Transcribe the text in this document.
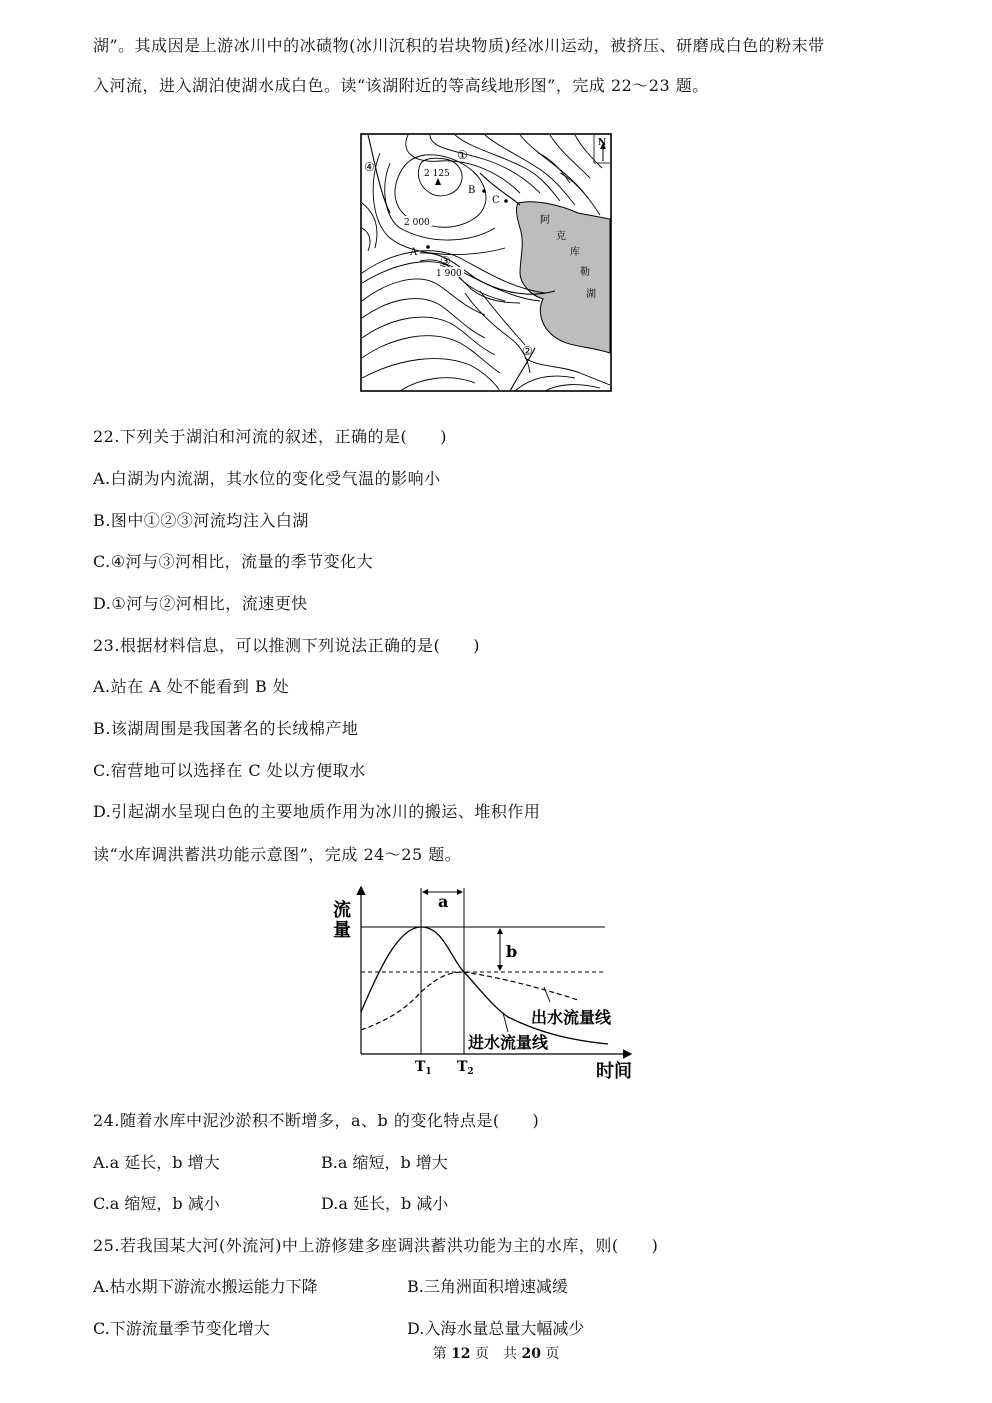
湖”。其成因是上游冰川中的冰碛物(冰川沉积的岩块物质)经冰川运动，被挤压、研磨成白色的粉末带
入河流，进入湖泊使湖水成白色。读“该湖附近的等高线地形图”，完成 22～23 题。
N
2 125
2 000
1 900
A
B
C
①
②
③
④
阿
克
库
勒
湖
22.下列关于湖泊和河流的叙述，正确的是(　　)
A.白湖为内流湖，其水位的变化受气温的影响小
B.图中①②③河流均注入白湖
C.④河与③河相比，流量的季节变化大
D.①河与②河相比，流速更快
23.根据材料信息，可以推测下列说法正确的是(　　)
A.站在 A 处不能看到 B 处
B.该湖周围是我国著名的长绒棉产地
C.宿营地可以选择在 C 处以方便取水
D.引起湖水呈现白色的主要地质作用为冰川的搬运、堆积作用
读“水库调洪蓄洪功能示意图”，完成 24～25 题。
流
量
时间
a
b
$T_1$ $T_2$
出水流量线
进水流量线
24.随着水库中泥沙淤积不断增多，a、b 的变化特点是(　　)
A.a 延长，b 增大	B.a 缩短，b 增大
C.a 缩短，b 减小	D.a 延长，b 减小
25.若我国某大河(外流河)中上游修建多座调洪蓄洪功能为主的水库，则(　　)
A.枯水期下游流水搬运能力下降	B.三角洲面积增速减缓
C.下游流量季节变化增大	D.入海水量总量大幅减少
第 12 页　共 20 页
